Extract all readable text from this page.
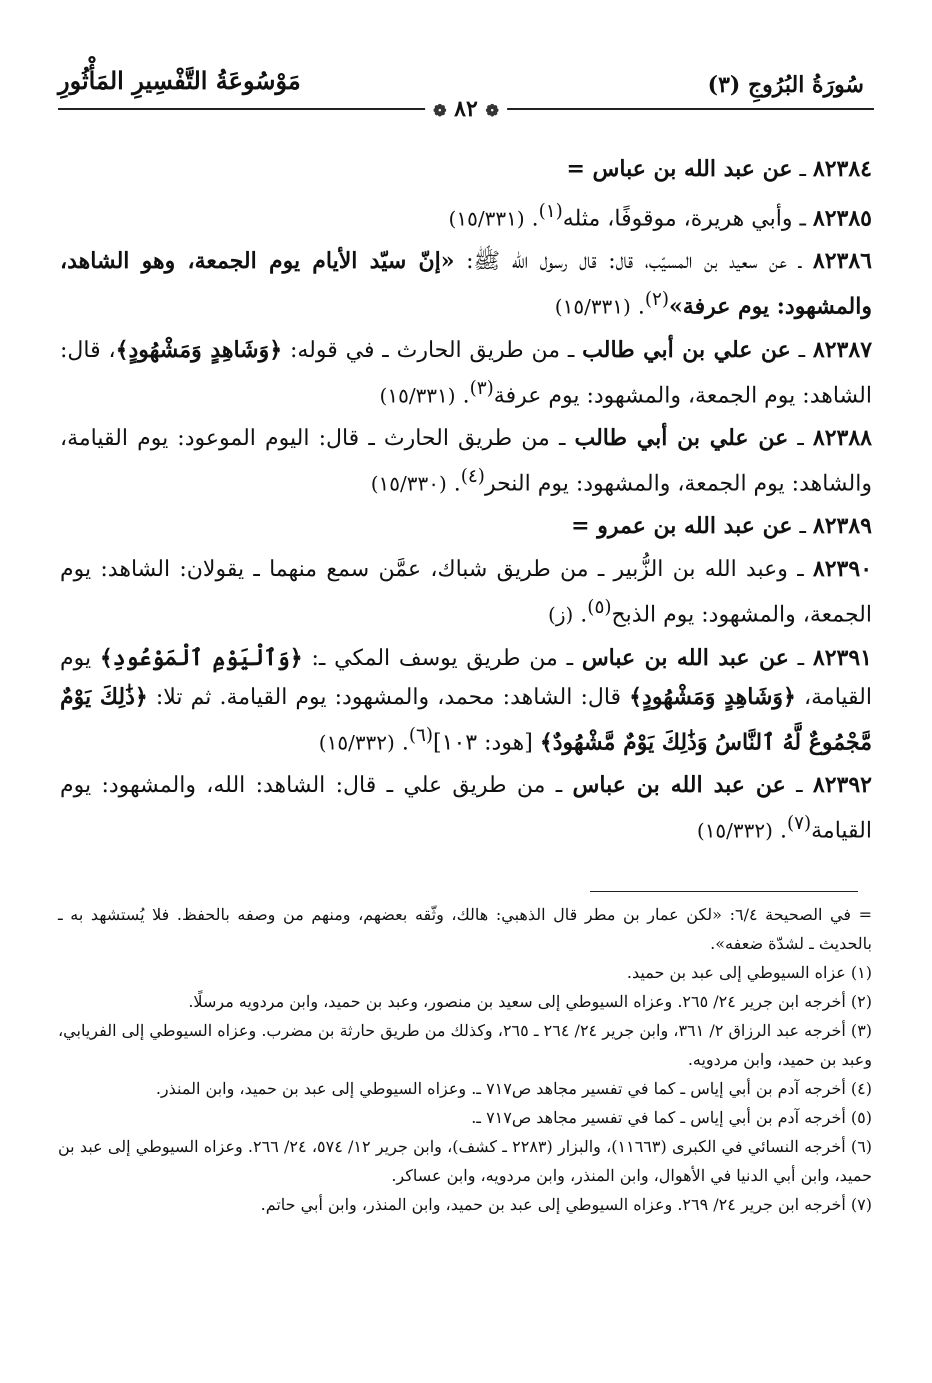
سُورَةُ البُرُوجِ (٣)
مَوْسُوعَةُ التَّفْسِيرِ المَأْثُورِ
❁ ٨٢ ❁

٨٢٣٨٤ ـ عن عبد الله بن عباس =

٨٢٣٨٥ ـ وأبي هريرة، موقوفًا، مثله$^{(١)}$. (١٥/٣٣١)

٨٢٣٨٦ ـ عن سعيد بن المسيّب، قال: قال رسول الله ﷺ: «إنّ سيّد الأيام يوم الجمعة، وهو الشاهد، والمشهود: يوم عرفة»$^{(٢)}$. (١٥/٣٣١)

٨٢٣٨٧ ـ عن علي بن أبي طالب ـ من طريق الحارث ـ في قوله: ﴿وَشَاهِدٍ وَمَشْهُودٍ﴾، قال: الشاهد: يوم الجمعة، والمشهود: يوم عرفة$^{(٣)}$. (١٥/٣٣١)

٨٢٣٨٨ ـ عن علي بن أبي طالب ـ من طريق الحارث ـ قال: اليوم الموعود: يوم القيامة، والشاهد: يوم الجمعة، والمشهود: يوم النحر$^{(٤)}$. (١٥/٣٣٠)

٨٢٣٨٩ ـ عن عبد الله بن عمرو =

٨٢٣٩٠ ـ وعبد الله بن الزُّبير ـ من طريق شباك، عمَّن سمع منهما ـ يقولان: الشاهد: يوم الجمعة، والمشهود: يوم الذبح$^{(٥)}$. (ز)

٨٢٣٩١ ـ عن عبد الله بن عباس ـ من طريق يوسف المكي ـ: ﴿وَٱلْيَوْمِ ٱلْمَوْعُودِ﴾ يوم القيامة، ﴿وَشَاهِدٍ وَمَشْهُودٍ﴾ قال: الشاهد: محمد، والمشهود: يوم القيامة. ثم تلا: ﴿ذَٰلِكَ يَوْمٌ مَّجْمُوعٌ لَّهُ ٱلنَّاسُ وَذَٰلِكَ يَوْمٌ مَّشْهُودٌ﴾ [هود: ١٠٣]$^{(٦)}$. (١٥/٣٣٢)

٨٢٣٩٢ ـ عن عبد الله بن عباس ـ من طريق علي ـ قال: الشاهد: الله، والمشهود: يوم القيامة$^{(٧)}$. (١٥/٣٣٢)

= في الصحيحة ٦/٤: «لكن عمار بن مطر قال الذهبي: هالك، وثّقه بعضهم، ومنهم من وصفه بالحفظ. فلا يُستشهد به ـ بالحديث ـ لشدّة ضعفه».

(١) عزاه السيوطي إلى عبد بن حميد.

(٢) أخرجه ابن جرير ٢٤/ ٢٦٥. وعزاه السيوطي إلى سعيد بن منصور، وعبد بن حميد، وابن مردويه مرسلًا.

(٣) أخرجه عبد الرزاق ٢/ ٣٦١، وابن جرير ٢٤/ ٢٦٤ ـ ٢٦٥، وكذلك من طريق حارثة بن مضرب. وعزاه السيوطي إلى الفريابي، وعبد بن حميد، وابن مردويه.

(٤) أخرجه آدم بن أبي إياس ـ كما في تفسير مجاهد ص٧١٧ ـ. وعزاه السيوطي إلى عبد بن حميد، وابن المنذر.

(٥) أخرجه آدم بن أبي إياس ـ كما في تفسير مجاهد ص٧١٧ ـ.

(٦) أخرجه النسائي في الكبرى (١١٦٦٣)، والبزار (٢٢٨٣ ـ كشف)، وابن جرير ١٢/ ٥٧٤، ٢٤/ ٢٦٦. وعزاه السيوطي إلى عبد بن حميد، وابن أبي الدنيا في الأهوال، وابن المنذر، وابن مردويه، وابن عساكر.

(٧) أخرجه ابن جرير ٢٤/ ٢٦٩. وعزاه السيوطي إلى عبد بن حميد، وابن المنذر، وابن أبي حاتم.
